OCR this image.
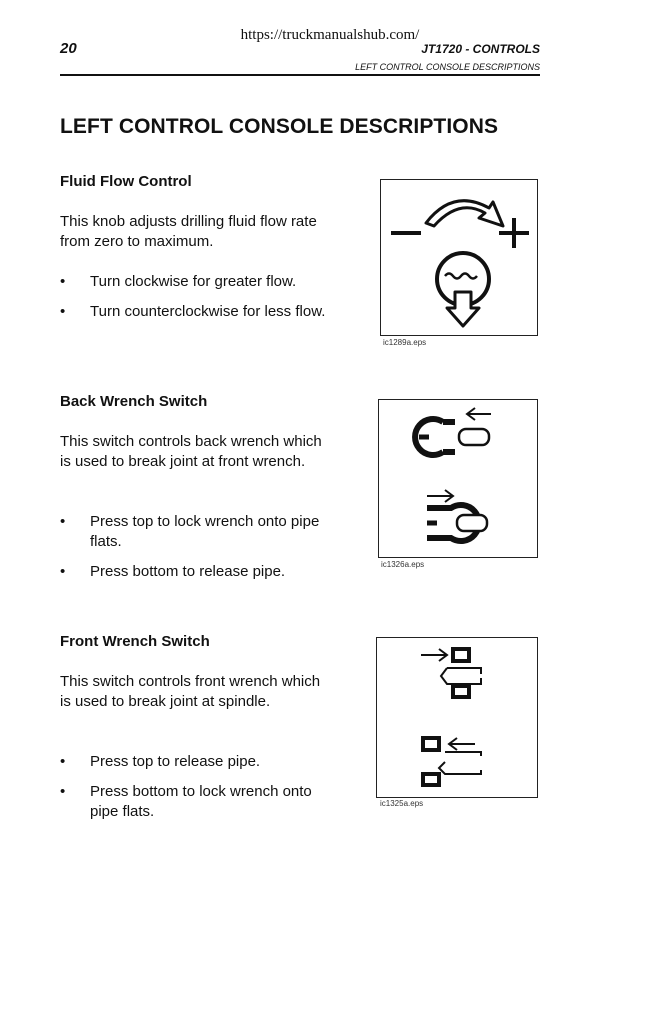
https://truckmanualshub.com/
20	JT1720 - CONTROLS
LEFT CONTROL CONSOLE DESCRIPTIONS
LEFT CONTROL CONSOLE DESCRIPTIONS
Fluid Flow Control
This knob adjusts drilling fluid flow rate from zero to maximum.
• Turn clockwise for greater flow.
• Turn counterclockwise for less flow.
ic1289a.eps
Back Wrench Switch
This switch controls back wrench which is used to break joint at front wrench.
• Press top to lock wrench onto pipe flats.
• Press bottom to release pipe.	ic1326a.eps
Front Wrench Switch
This switch controls front wrench which is used to break joint at spindle.
• Press top to release pipe.
• Press bottom to lock wrench onto pipe flats.	ic1325a.eps
